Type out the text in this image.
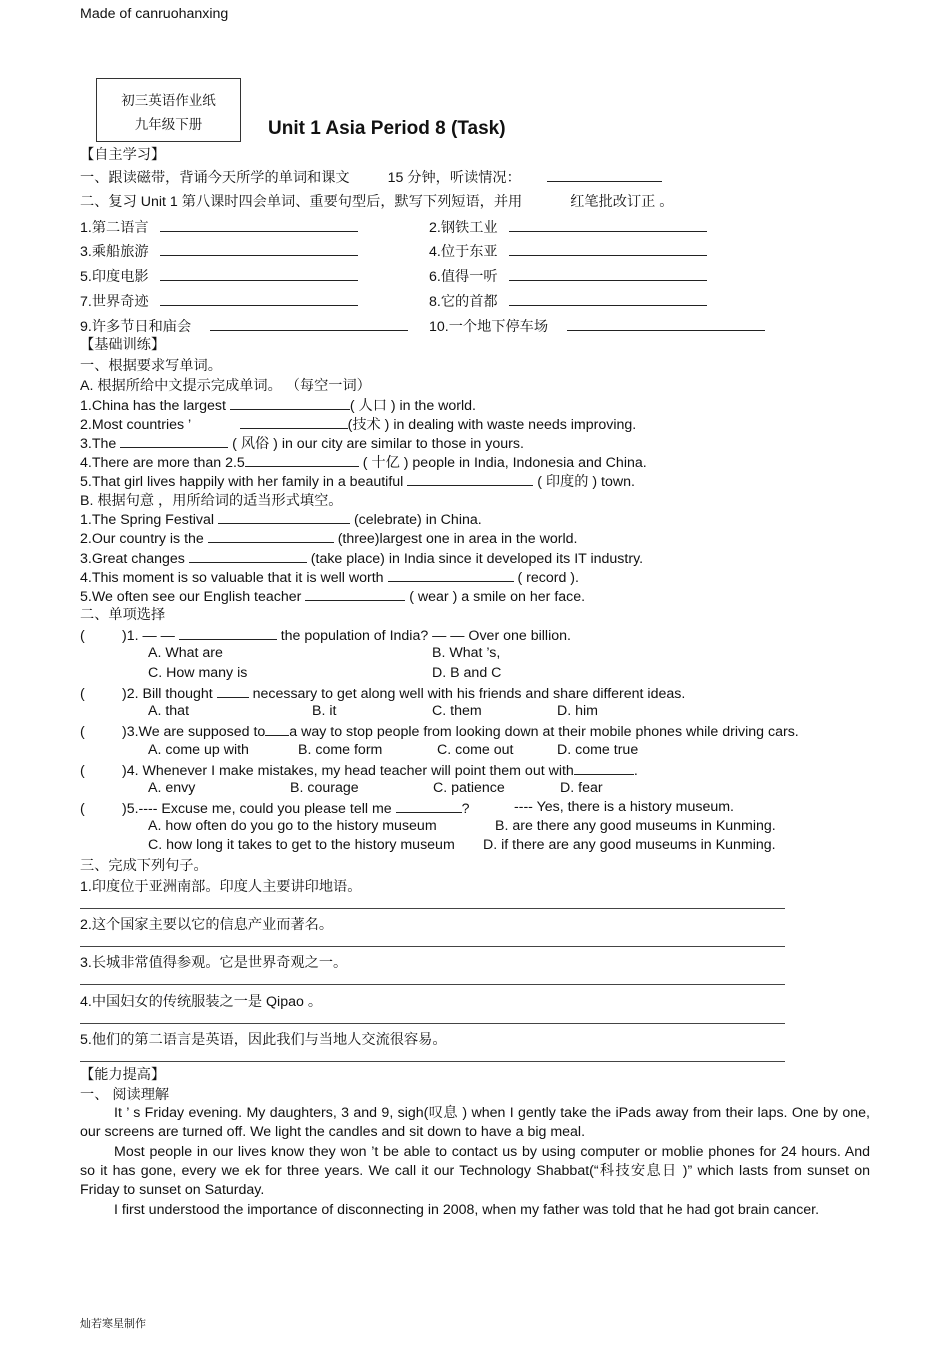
Made of canruohanxing
初三英语作业纸
九年级下册	Unit 1 Asia Period 8 (Task)
【自主学习】
一、跟读磁带，背诵今天所学的单词和课文	15 分钟，听读情况：
二、复习 Unit 1 第八课时四会单词、重要句型后，默写下列短语，并用	红笔批改订正 。
1.第二语言	2.钢铁工业
3.乘船旅游	4.位于东亚
5.印度电影	6.值得一听
7.世界奇迹	8.它的首都
9.许多节日和庙会	10.一个地下停车场
【基础训练】
一、根据要求写单词。
A. 根据所给中文提示完成单词。 （每空一词）
1.China has the largest	( 人口 ) in the world.
2.Most countries ’	(技术 ) in dealing with waste needs improving.
3.The	( 风俗 ) in our city are similar to those in yours.
4.There are more than 2.5	( 十亿 ) people in India, Indonesia and China.
5.That girl lives happily with her family in a beautiful	( 印度的 ) town.
B. 根据句意 ，用所给词的适当形式填空。
1.The Spring Festival	(celebrate) in China.
2.Our country is the	(three)largest one in area in the world.
3.Great changes	(take place) in India since it developed its IT industry.
4.This moment is so valuable that it is well worth	( record ).
5.We often see our English teacher	( wear ) a smile on her face.
二、单项选择
(	)1. — —	the population of India? — — Over one billion.
A. What are	B. What ’s,
C. How many is	D. B and C
(	)2. Bill thought  necessary to get along well with his friends and share different ideas.
A. that	B. it	C. them	D. him
(	)3.We are supposed to a way to stop people from looking down at their mobile phones while driving cars.
A. come up with	B. come form	C. come out	D. come true
(	)4. Whenever I make mistakes, my head teacher will point them out with	.
A. envy	B. courage	C. patience	D. fear
(	)5.---- Excuse me, could you please tell me	?	---- Yes, there is a history museum.
A. how often do you go to the history museum	B. are there any good museums in Kunming.
C. how long it takes to get to the history museum D. if there are any good museums in Kunming.
三、完成下列句子。
1.印度位于亚洲南部。印度人主要讲印地语。
2.这个国家主要以它的信息产业而著名。
3.长城非常值得参观。它是世界奇观之一。
4.中国妇女的传统服装之一是 Qipao 。
5.他们的第二语言是英语，因此我们与当地人交流很容易。
【能力提高】
一、 阅读理解
It ’ s Friday evening. My daughters, 3 and 9, sigh(叹息 ) when I gently take the iPads away from their laps. One by one, our screens are turned off. We light the candles and sit down to have a big meal.
Most people in our lives know they won ’t be able to contact us by using computer or moblie phones for 24 hours. And so it has gone, every we ek for three years. We call it our Technology Shabbat(“科技安息日 )” which lasts from sunset on Friday to sunset on Saturday.
I first understood the importance of disconnecting in 2008, when my father was told that he had got brain cancer.
灿若寒星制作
